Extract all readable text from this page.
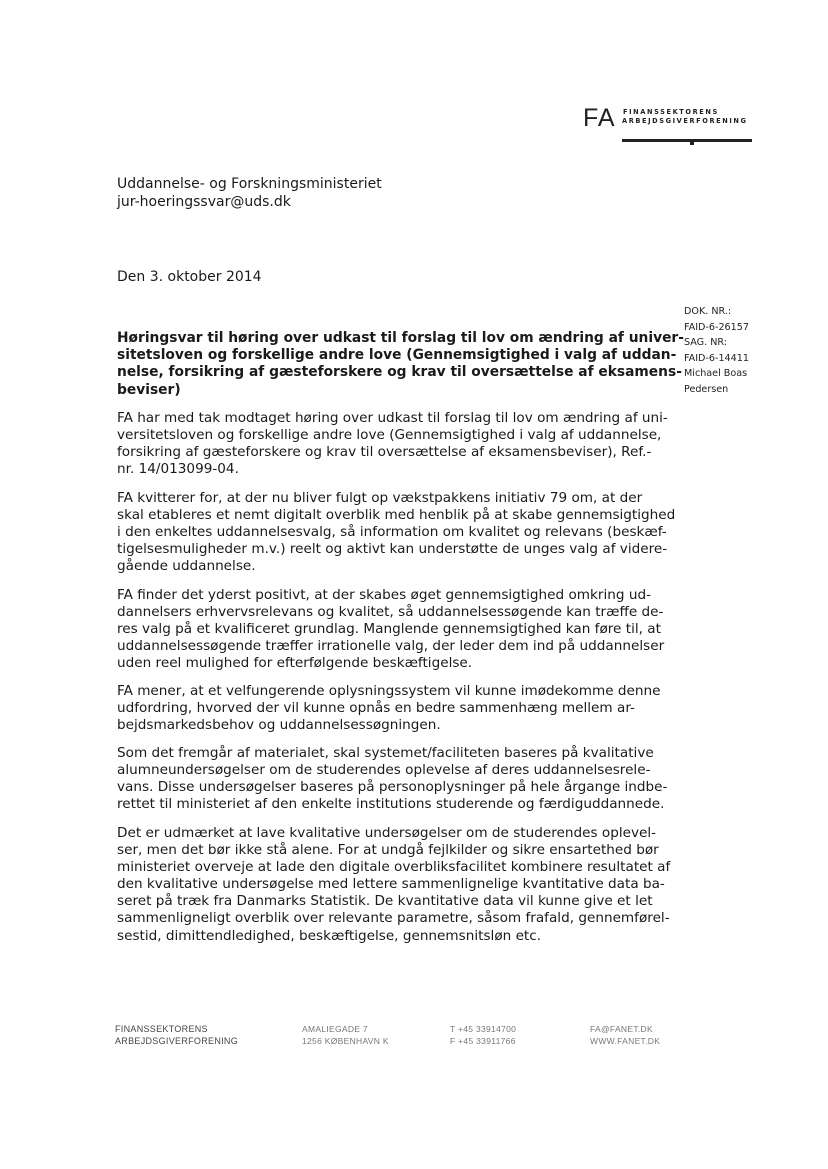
FA FINANSSEKTORENS
ARBEJDSGIVERFORENING
Uddannelse- og Forskningsministeriet
jur-hoeringssvar@uds.dk
Den 3. oktober 2014
DOK. NR.:
FAID-6-26157
SAG. NR:
FAID-6-14411
Michael Boas
Pedersen
Høringsvar til høring over udkast til forslag til lov om ændring af univer-
sitetsloven og forskellige andre love (Gennemsigtighed i valg af uddan-
nelse, forsikring af gæsteforskere og krav til oversættelse af eksamens-
beviser)
FA har med tak modtaget høring over udkast til forslag til lov om ændring af uni-
versitetsloven og forskellige andre love (Gennemsigtighed i valg af uddannelse,
forsikring af gæsteforskere og krav til oversættelse af eksamensbeviser), Ref.-
nr. 14/013099-04.
FA kvitterer for, at der nu bliver fulgt op vækstpakkens initiativ 79 om, at der
skal etableres et nemt digitalt overblik med henblik på at skabe gennemsigtighed
i den enkeltes uddannelsesvalg, så information om kvalitet og relevans (beskæf-
tigelsesmuligheder m.v.) reelt og aktivt kan understøtte de unges valg af videre-
gående uddannelse.
FA finder det yderst positivt, at der skabes øget gennemsigtighed omkring ud-
dannelsers erhvervsrelevans og kvalitet, så uddannelsessøgende kan træffe de-
res valg på et kvalificeret grundlag. Manglende gennemsigtighed kan føre til, at
uddannelsessøgende træffer irrationelle valg, der leder dem ind på uddannelser
uden reel mulighed for efterfølgende beskæftigelse.
FA mener, at et velfungerende oplysningssystem vil kunne imødekomme denne
udfordring, hvorved der vil kunne opnås en bedre sammenhæng mellem ar-
bejdsmarkedsbehov og uddannelsessøgningen.
Som det fremgår af materialet, skal systemet/faciliteten baseres på kvalitative
alumneundersøgelser om de studerendes oplevelse af deres uddannelsesrele-
vans. Disse undersøgelser baseres på personoplysninger på hele årgange indbe-
rettet til ministeriet af den enkelte institutions studerende og færdiguddannede.
Det er udmærket at lave kvalitative undersøgelser om de studerendes oplevel-
ser, men det bør ikke stå alene. For at undgå fejlkilder og sikre ensartethed bør
ministeriet overveje at lade den digitale overbliksfacilitet kombinere resultatet af
den kvalitative undersøgelse med lettere sammenlignelige kvantitative data ba-
seret på træk fra Danmarks Statistik. De kvantitative data vil kunne give et let
sammenligneligt overblik over relevante parametre, såsom frafald, gennemførel-
sestid, dimittendledighed, beskæftigelse, gennemsnitsløn etc.
FINANSSEKTORENS
ARBEJDSGIVERFORENING
AMALIEGADE 7
1256 KØBENHAVN K
T +45 33914700
F +45 33911766
FA@FANET.DK
WWW.FANET.DK
